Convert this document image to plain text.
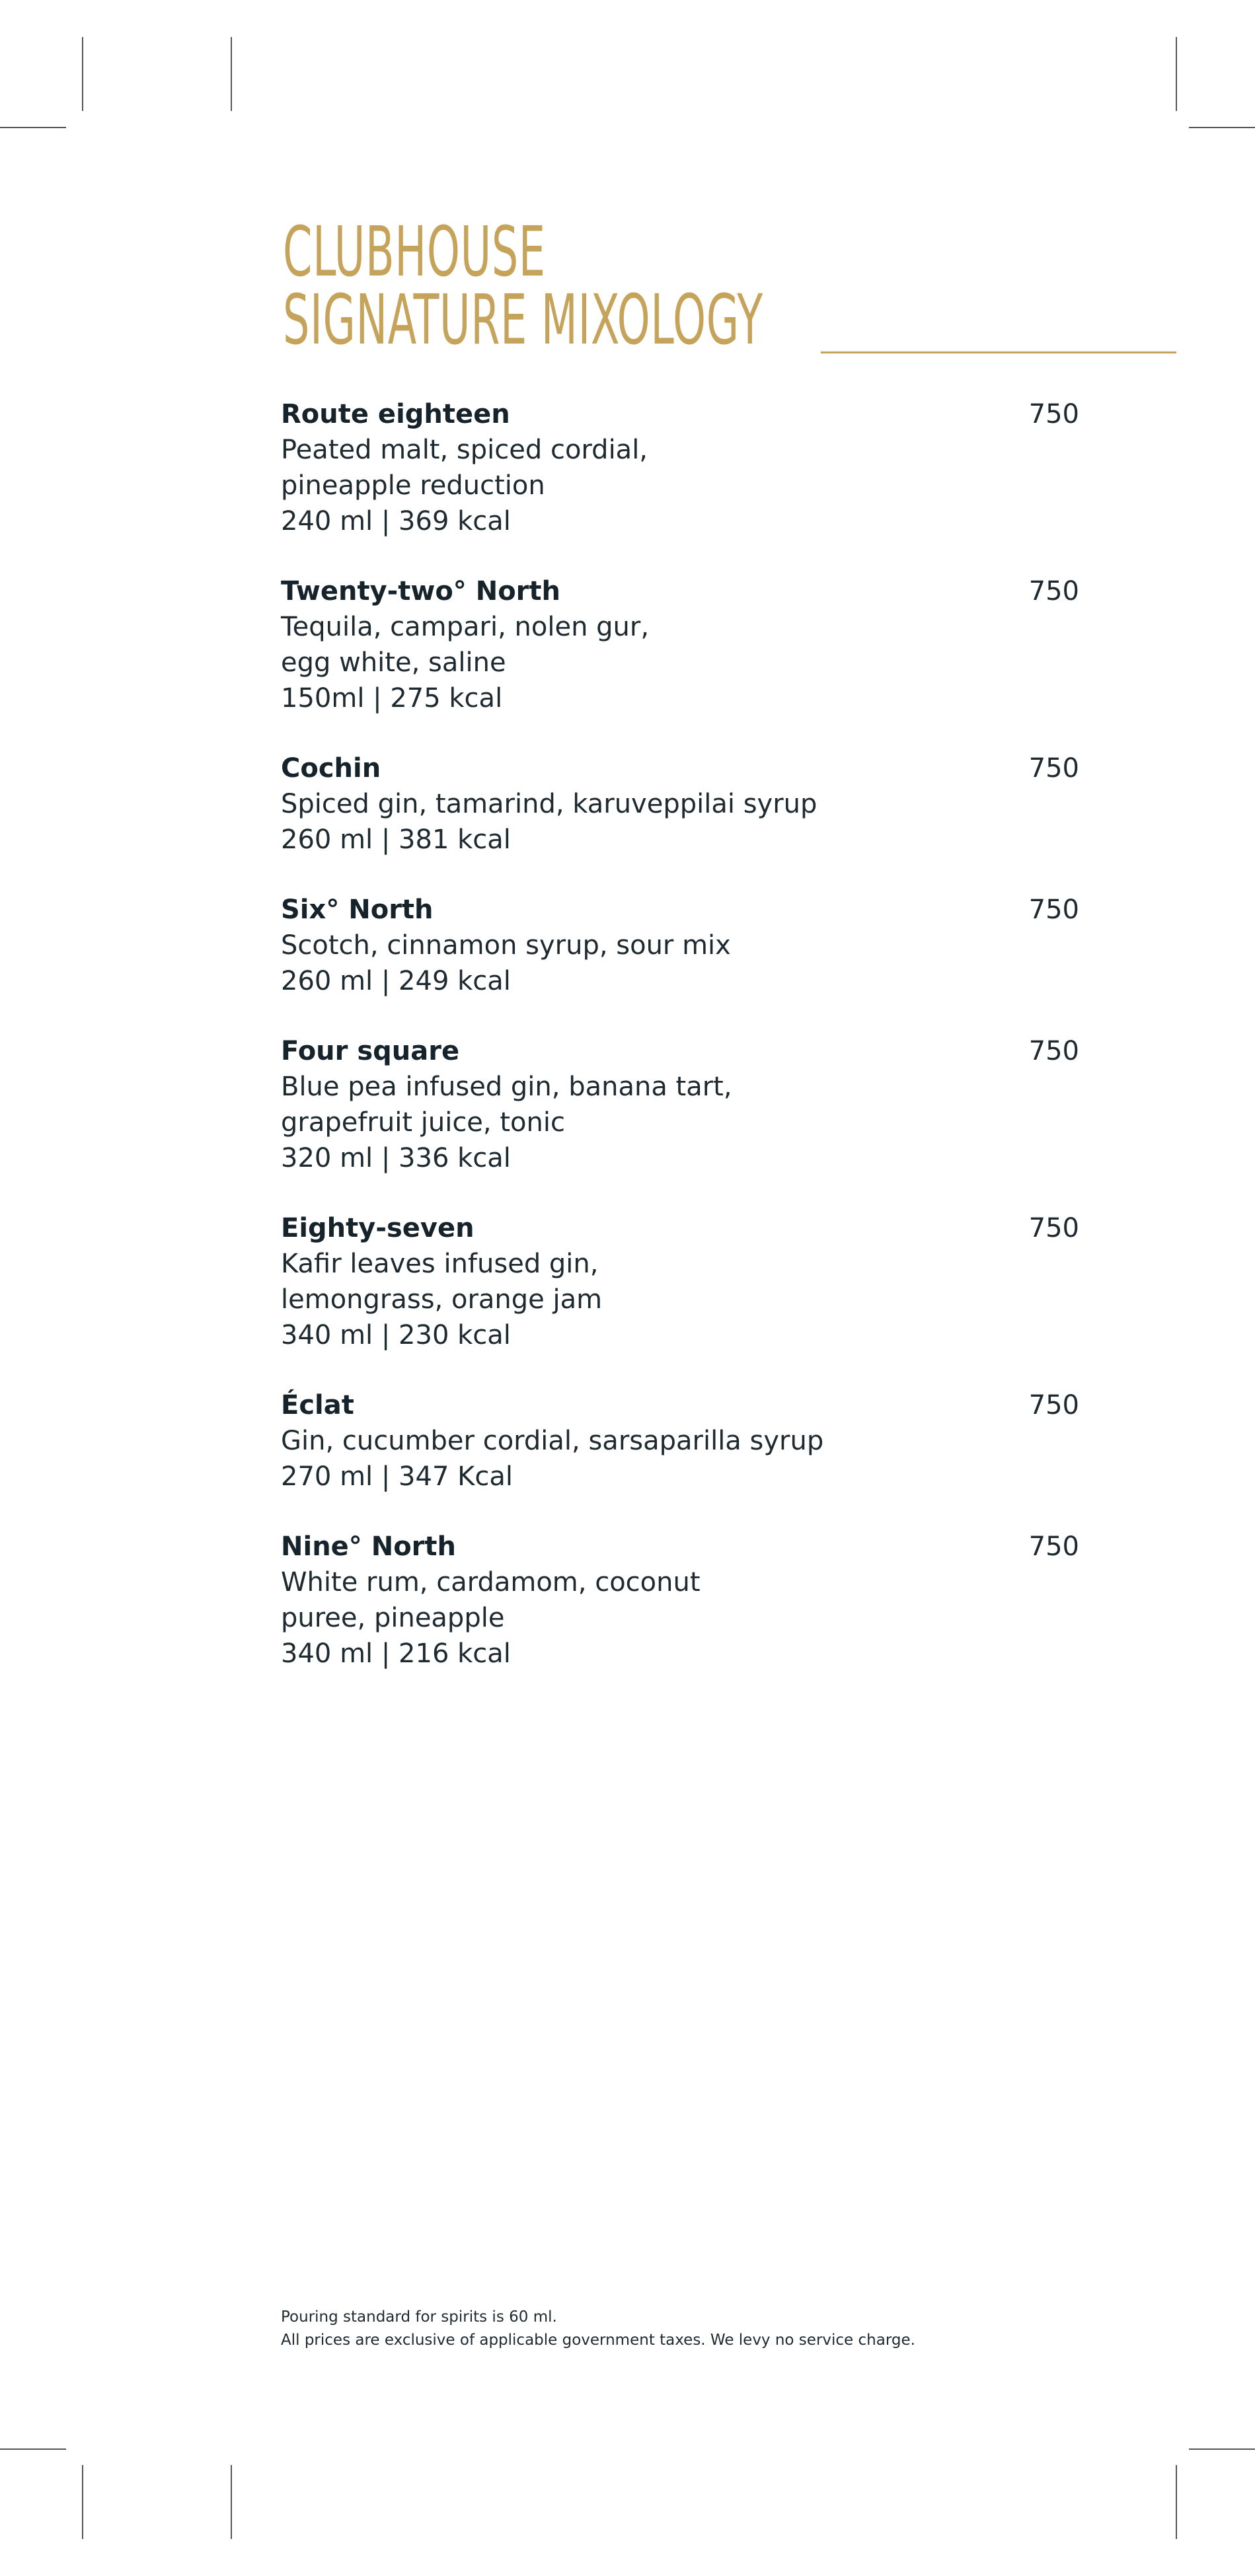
CLUBHOUSE
SIGNATURE MIXOLOGY
Route eighteen
Peated malt, spiced cordial,
pineapple reduction
240 ml | 369 kcal
750
Twenty-two° North
Tequila, campari, nolen gur,
egg white, saline
150ml | 275 kcal
750
Cochin
Spiced gin, tamarind, karuveppilai syrup
260 ml | 381 kcal
750
Six° North
Scotch, cinnamon syrup, sour mix
260 ml | 249 kcal
750
Four square
Blue pea infused gin, banana tart,
grapefruit juice, tonic
320 ml | 336 kcal
750
Eighty-seven
Kafir leaves infused gin,
lemongrass, orange jam
340 ml | 230 kcal
750
Éclat
Gin, cucumber cordial, sarsaparilla syrup
270 ml | 347 Kcal
750
Nine° North
White rum, cardamom, coconut
puree, pineapple
340 ml | 216 kcal
750
Pouring standard for spirits is 60 ml.
All prices are exclusive of applicable government taxes. We levy no service charge.
